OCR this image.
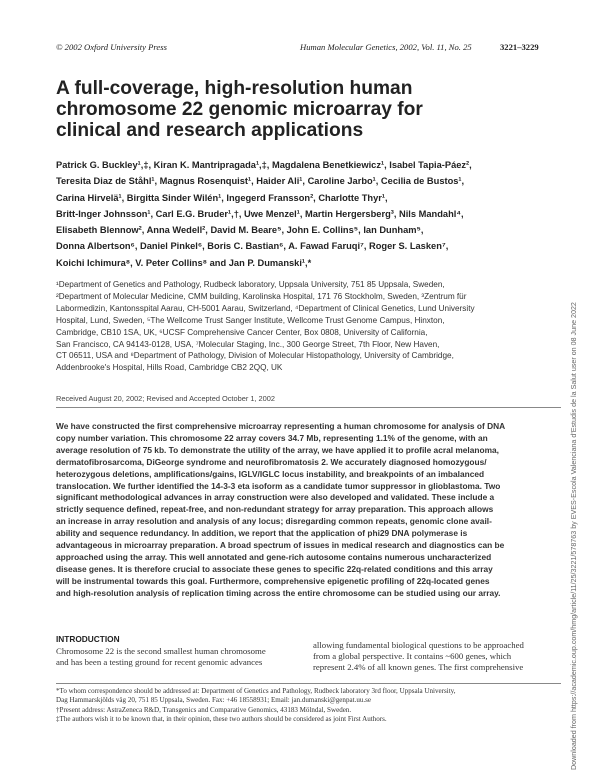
© 2002 Oxford University Press	Human Molecular Genetics, 2002, Vol. 11, No. 25	3221–3229
A full-coverage, high-resolution human
chromosome 22 genomic microarray for
clinical and research applications
Patrick G. Buckley¹,‡, Kiran K. Mantripragada¹,‡, Magdalena Benetkiewicz¹, Isabel Tapia-Páez²,
Teresita Diaz de Ståhl¹, Magnus Rosenquist¹, Haider Ali¹, Caroline Jarbo¹, Cecilia de Bustos¹,
Carina Hirvelä¹, Birgitta Sinder Wilén¹, Ingegerd Fransson², Charlotte Thyr¹,
Britt-Inger Johnsson¹, Carl E.G. Bruder¹,†, Uwe Menzel¹, Martin Hergersberg³, Nils Mandahl⁴,
Elisabeth Blennow², Anna Wedell², David M. Beare⁵, John E. Collins⁵, Ian Dunham⁵,
Donna Albertson⁶, Daniel Pinkel⁶, Boris C. Bastian⁶, A. Fawad Faruqi⁷, Roger S. Lasken⁷,
Koichi Ichimura⁸, V. Peter Collins⁸ and Jan P. Dumanski¹,*
¹Department of Genetics and Pathology, Rudbeck laboratory, Uppsala University, 751 85 Uppsala, Sweden,
²Department of Molecular Medicine, CMM building, Karolinska Hospital, 171 76 Stockholm, Sweden, ³Zentrum für
Labormedizin, Kantonsspital Aarau, CH-5001 Aarau, Switzerland, ⁴Department of Clinical Genetics, Lund University
Hospital, Lund, Sweden, ⁵The Wellcome Trust Sanger Institute, Wellcome Trust Genome Campus, Hinxton,
Cambridge, CB10 1SA, UK, ⁶UCSF Comprehensive Cancer Center, Box 0808, University of California,
San Francisco, CA 94143-0128, USA, ⁷Molecular Staging, Inc., 300 George Street, 7th Floor, New Haven,
CT 06511, USA and ⁸Department of Pathology, Division of Molecular Histopathology, University of Cambridge,
Addenbrooke's Hospital, Hills Road, Cambridge CB2 2QQ, UK
Received August 20, 2002; Revised and Accepted October 1, 2002
We have constructed the first comprehensive microarray representing a human chromosome for analysis of DNA
copy number variation. This chromosome 22 array covers 34.7 Mb, representing 1.1% of the genome, with an
average resolution of 75 kb. To demonstrate the utility of the array, we have applied it to profile acral melanoma,
dermatofibrosarcoma, DiGeorge syndrome and neurofibromatosis 2. We accurately diagnosed homozygous/
heterozygous deletions, amplifications/gains, IGLV/IGLC locus instability, and breakpoints of an imbalanced
translocation. We further identified the 14-3-3 eta isoform as a candidate tumor suppressor in glioblastoma. Two
significant methodological advances in array construction were also developed and validated. These include a
strictly sequence defined, repeat-free, and non-redundant strategy for array preparation. This approach allows
an increase in array resolution and analysis of any locus; disregarding common repeats, genomic clone avail-
ability and sequence redundancy. In addition, we report that the application of phi29 DNA polymerase is
advantageous in microarray preparation. A broad spectrum of issues in medical research and diagnostics can be
approached using the array. This well annotated and gene-rich autosome contains numerous uncharacterized
disease genes. It is therefore crucial to associate these genes to specific 22q-related conditions and this array
will be instrumental towards this goal. Furthermore, comprehensive epigenetic profiling of 22q-located genes
and high-resolution analysis of replication timing across the entire chromosome can be studied using our array.
INTRODUCTION
Chromosome 22 is the second smallest human chromosome
and has been a testing ground for recent genomic advances
allowing fundamental biological questions to be approached
from a global perspective. It contains ~600 genes, which
represent 2.4% of all known genes. The first comprehensive
*To whom correspondence should be addressed at: Department of Genetics and Pathology, Rudbeck laboratory 3rd floor, Uppsala University,
Dag Hammarskjölds väg 20, 751 85 Uppsala, Sweden. Fax: +46 18558931; Email: jan.dumanski@genpat.uu.se
†Present address: AstraZeneca R&D, Transgenics and Comparative Genomics, 43183 Mölndal, Sweden.
‡The authors wish it to be known that, in their opinion, these two authors should be considered as joint First Authors.	Downloaded from https://academic.oup.com/hmg/article/11/25/3221/578763 by EVES-Escola Valenciana d'Estudis de la Salut user on 08 June 2022
